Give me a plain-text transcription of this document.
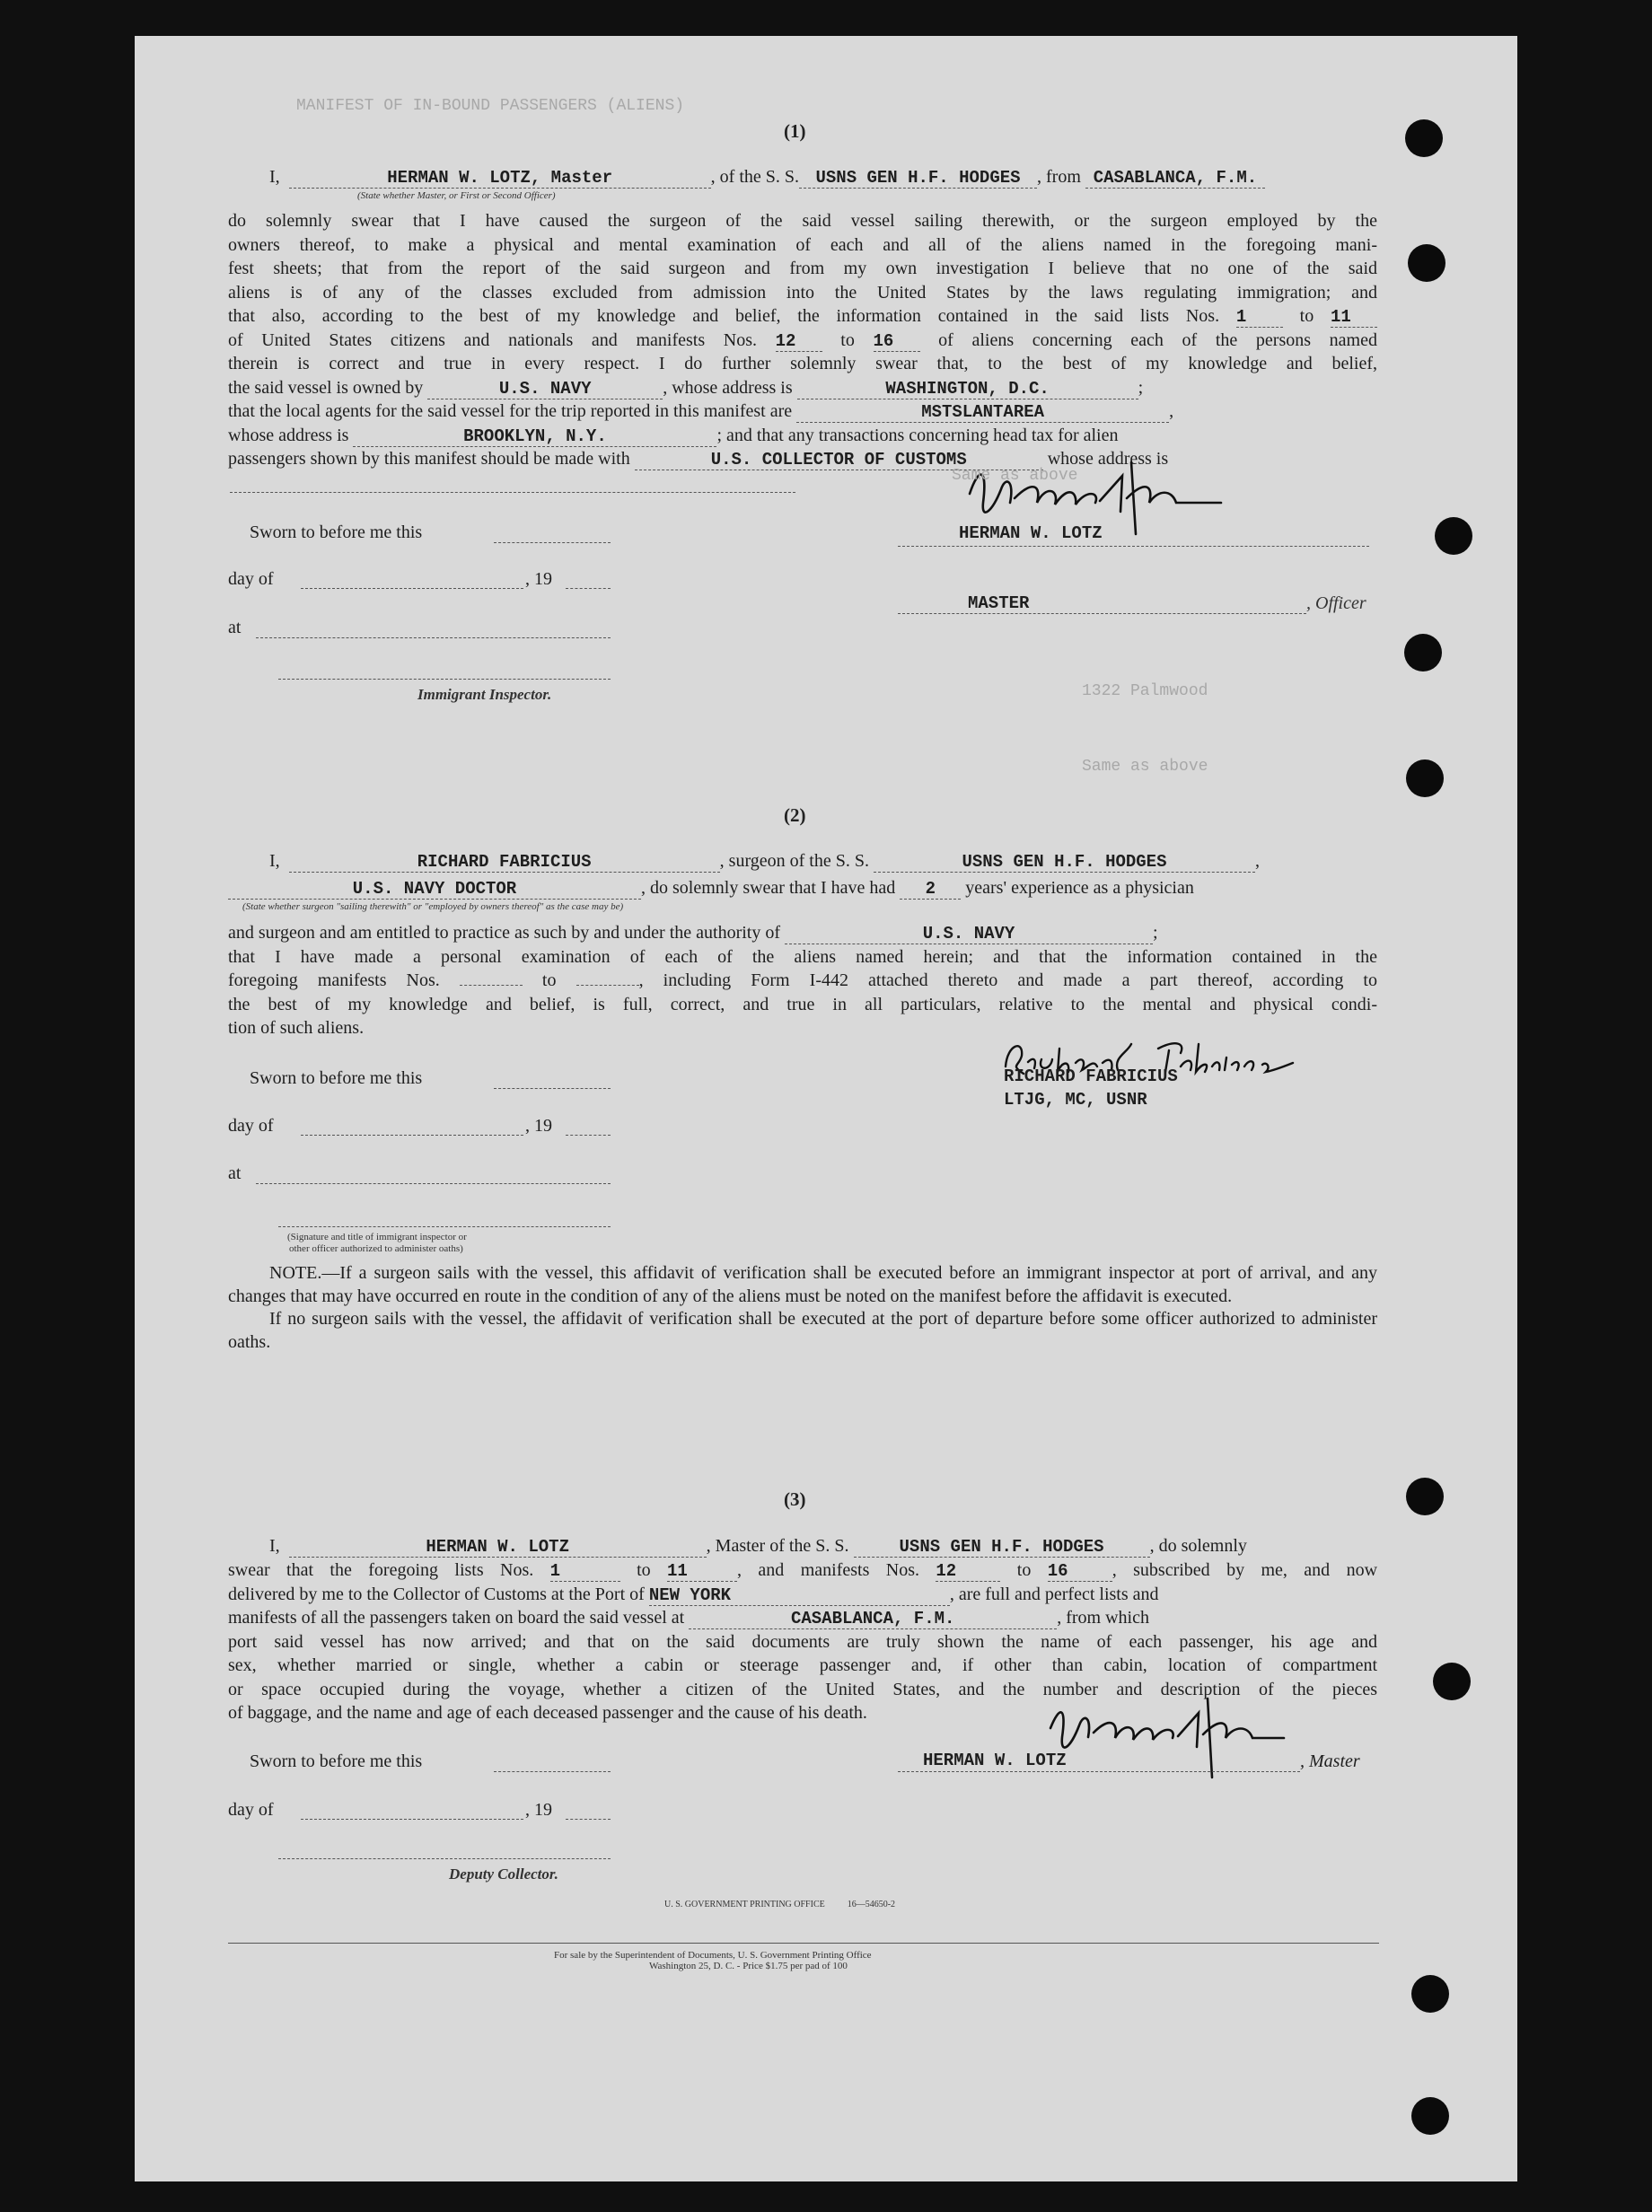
(1)
I,	HERMAN W. LOTZ, Master	, of the S. S. USNS GEN H.F. HODGES , from CASABLANCA, F.M.
(State whether Master, or First or Second Officer)
do solemnly swear that I have caused the surgeon of the said vessel sailing therewith, or the surgeon employed by the
owners thereof, to make a physical and mental examination of each and all of the aliens named in the foregoing mani-
fest sheets; that from the report of the said surgeon and from my own investigation I believe that no one of the said
aliens is of any of the classes excluded from admission into the United States by the laws regulating immigration; and
that also, according to the best of my knowledge and belief, the information contained in the said lists Nos. 1 to 11
of United States citizens and nationals and manifests Nos. 12 to 16 of aliens concerning each of the persons named
therein is correct and true in every respect. I do further solemnly swear that, to the best of my knowledge and belief,
the said vessel is owned by	U.S. NAVY	, whose address is	WASHINGTON, D.C.	;
that the local agents for the said vessel for the trip reported in this manifest are	MSTSLANTAREA	,
whose address is	BROOKLYN, N.Y.	; and that any transactions concerning head tax for alien
passengers shown by this manifest should be made with	U.S. COLLECTOR OF CUSTOMS	whose address is
HERMAN W. LOTZ
Sworn to before me this
day of	, 19
MASTER	, Officer
at
Immigrant Inspector.
MANIFEST OF IN-BOUND PASSENGERS (ALIENS)
Same as above
1322 Palmwood
Same as above
(2)
I,	RICHARD FABRICIUS	, surgeon of the S. S.	USNS GEN H.F. HODGES	,
U.S. NAVY DOCTOR	, do solemnly swear that I have had 2 years' experience as a physician
(State whether surgeon "sailing therewith" or "employed by owners thereof" as the case may be)
and surgeon and am entitled to practice as such by and under the authority of	U.S. NAVY	;
that I have made a personal examination of each of the aliens named herein; and that the information contained in the
foregoing manifests Nos.	to	, including Form I-442 attached thereto and made a part thereof, according to
the best of my knowledge and belief, is full, correct, and true in all particulars, relative to the mental and physical condi-
tion of such aliens.
RICHARD FABRICIUS
LTJG, MC, USNR
Sworn to before me this
day of	, 19
at
(Signature and title of immigrant inspector or
other officer authorized to administer oaths)
NOTE.—If a surgeon sails with the vessel, this affidavit of verification shall be executed before an immigrant inspector at port of arrival, and any changes that may have occurred en route in the condition of any of the aliens must be noted on the manifest before the affidavit is executed.
If no surgeon sails with the vessel, the affidavit of verification shall be executed at the port of departure before some officer authorized to administer oaths.
(3)
I,	HERMAN W. LOTZ	, Master of the S. S.	USNS GEN H.F. HODGES	, do solemnly
swear that the foregoing lists Nos. 1	to 11	, and manifests Nos. 12 to 16 , subscribed by me, and now
delivered by me to the Collector of Customs at the Port of NEW YORK	, are full and perfect lists and
manifests of all the passengers taken on board the said vessel at	CASABLANCA, F.M.	, from which
port said vessel has now arrived; and that on the said documents are truly shown the name of each passenger, his age and
sex, whether married or single, whether a cabin or steerage passenger and, if other than cabin, location of compartment
or space occupied during the voyage, whether a citizen of the United States, and the number and description of the pieces
of baggage, and the name and age of each deceased passenger and the cause of his death.
Sworn to before me this	HERMAN W. LOTZ	, Master
day of	, 19
Deputy Collector.
U. S. GOVERNMENT PRINTING OFFICE          16—54650-2
For sale by the Superintendent of Documents, U. S. Government Printing Office
Washington 25, D. C. - Price $1.75 per pad of 100
